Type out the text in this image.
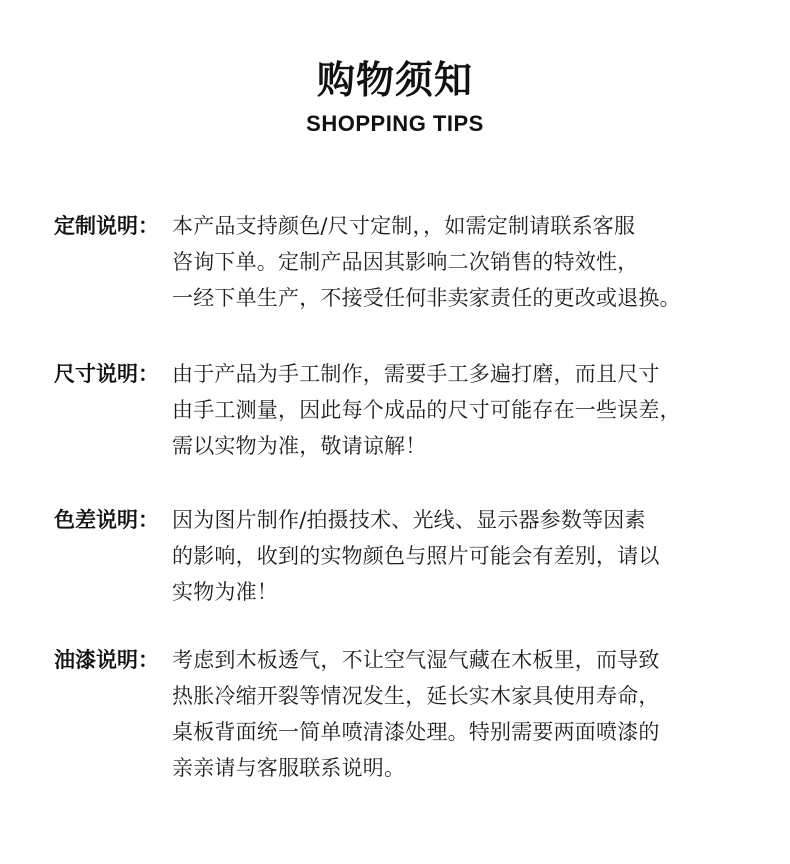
购物须知
SHOPPING TIPS
定制说明： 本产品支持颜色/尺寸定制，，如需定制请联系客服
咨询下单。定制产品因其影响二次销售的特效性，
一经下单生产，不接受任何非卖家责任的更改或退换。
尺寸说明： 由于产品为手工制作，需要手工多遍打磨，而且尺寸
由手工测量，因此每个成品的尺寸可能存在一些误差，
需以实物为准，敬请谅解！
色差说明： 因为图片制作/拍摄技术、光线、显示器参数等因素
的影响，收到的实物颜色与照片可能会有差别，请以
实物为准！
油漆说明： 考虑到木板透气，不让空气湿气藏在木板里，而导致
热胀冷缩开裂等情况发生，延长实木家具使用寿命，
桌板背面统一简单喷清漆处理。特别需要两面喷漆的
亲亲请与客服联系说明。
